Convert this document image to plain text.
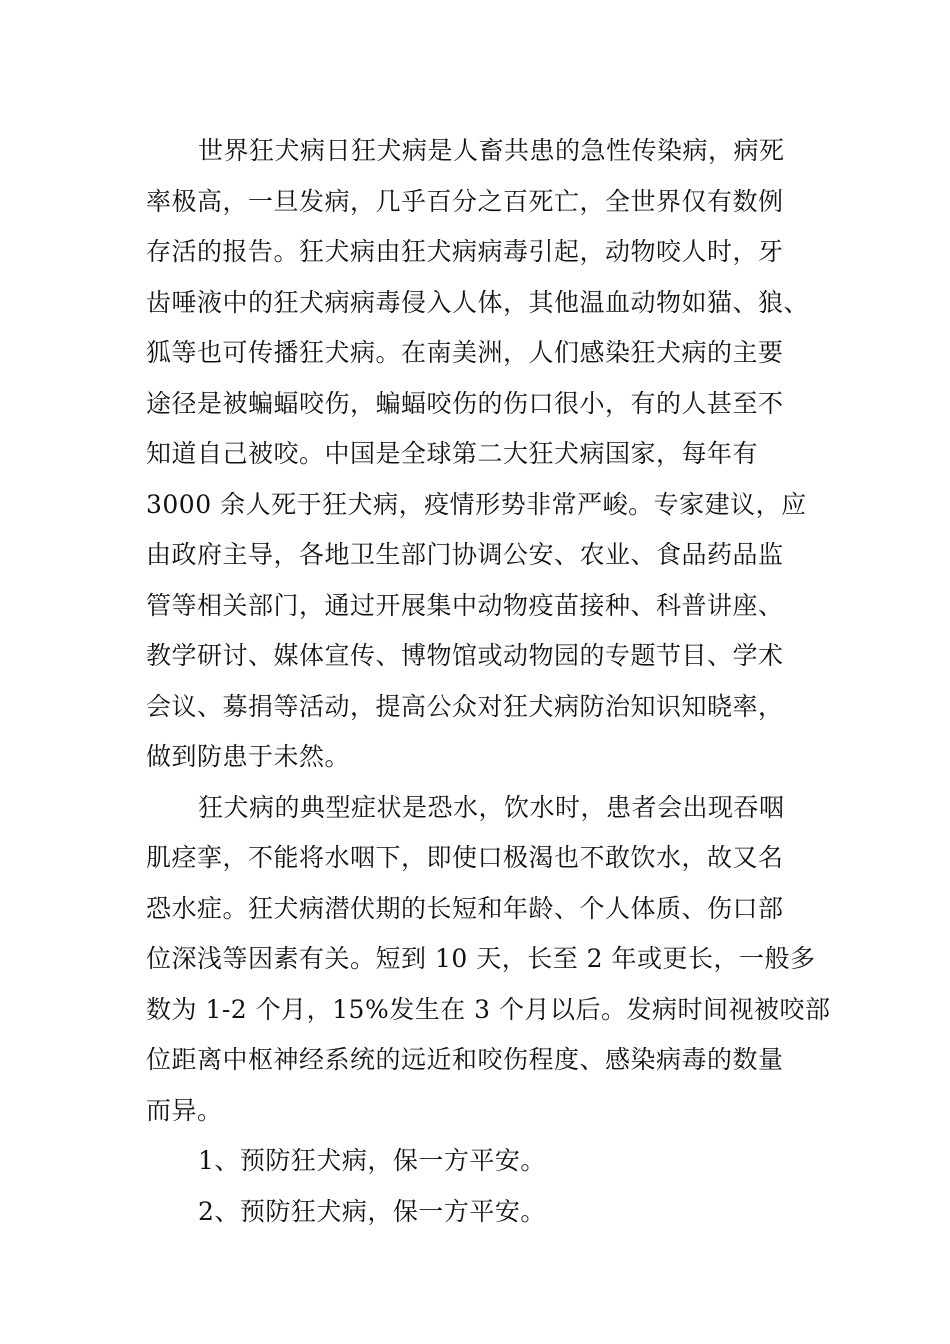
世界狂犬病日狂犬病是人畜共患的急性传染病，病死
率极高，一旦发病，几乎百分之百死亡，全世界仅有数例
存活的报告。狂犬病由狂犬病病毒引起，动物咬人时，牙
齿唾液中的狂犬病病毒侵入人体，其他温血动物如猫、狼、
狐等也可传播狂犬病。在南美洲，人们感染狂犬病的主要
途径是被蝙蝠咬伤，蝙蝠咬伤的伤口很小，有的人甚至不
知道自己被咬。中国是全球第二大狂犬病国家，每年有
3000 余人死于狂犬病，疫情形势非常严峻。专家建议，应
由政府主导，各地卫生部门协调公安、农业、食品药品监
管等相关部门，通过开展集中动物疫苗接种、科普讲座、
教学研讨、媒体宣传、博物馆或动物园的专题节目、学术
会议、募捐等活动，提高公众对狂犬病防治知识知晓率，
做到防患于未然。
狂犬病的典型症状是恐水，饮水时，患者会出现吞咽
肌痉挛，不能将水咽下，即使口极渴也不敢饮水，故又名
恐水症。狂犬病潜伏期的长短和年龄、个人体质、伤口部
位深浅等因素有关。短到 10 天，长至 2 年或更长，一般多
数为 1-2 个月，15%发生在 3 个月以后。发病时间视被咬部
位距离中枢神经系统的远近和咬伤程度、感染病毒的数量
而异。
1、预防狂犬病，保一方平安。
2、预防狂犬病，保一方平安。
